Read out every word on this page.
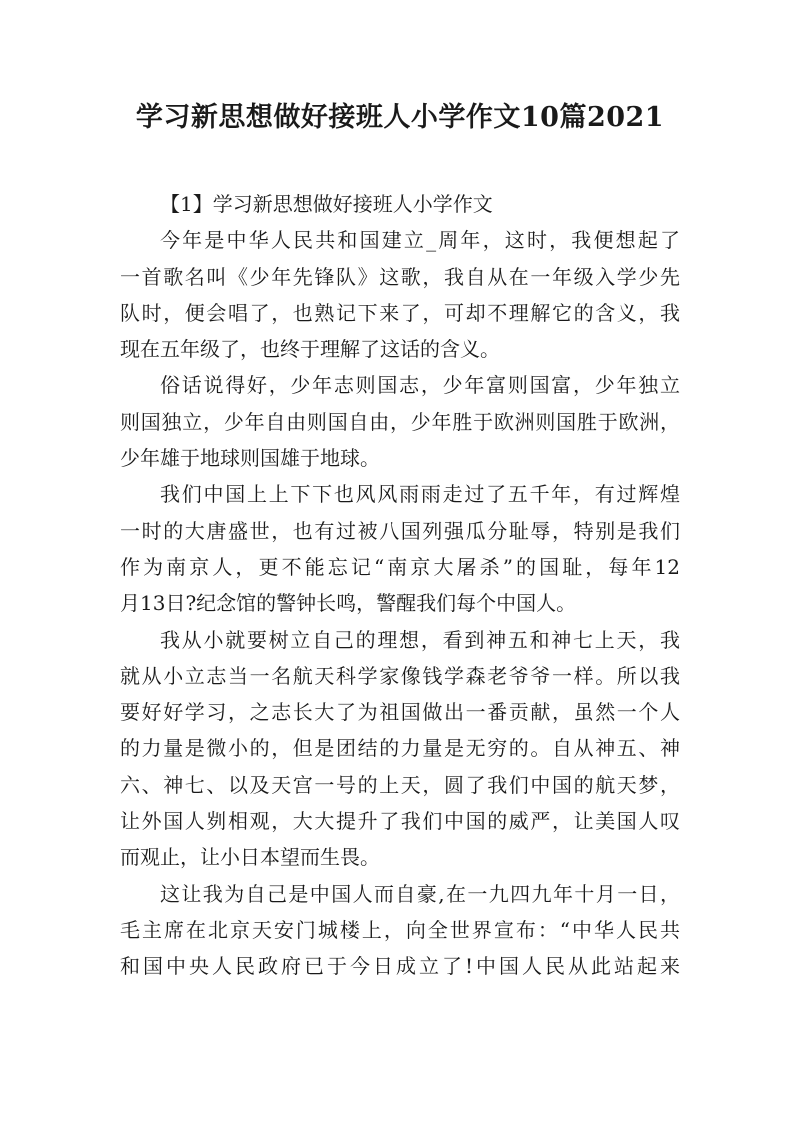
学习新思想做好接班人小学作文10篇2021
【1】学习新思想做好接班人小学作文
今年是中华人民共和国建立_周年，这时，我便想起了
一首歌名叫《少年先锋队》这歌，我自从在一年级入学少先
队时，便会唱了，也熟记下来了，可却不理解它的含义，我
现在五年级了，也终于理解了这话的含义。
俗话说得好，少年志则国志，少年富则国富，少年独立
则国独立，少年自由则国自由，少年胜于欧洲则国胜于欧洲，
少年雄于地球则国雄于地球。
我们中国上上下下也风风雨雨走过了五千年，有过辉煌
一时的大唐盛世，也有过被八国列强瓜分耻辱，特别是我们
作为南京人，更不能忘记“南京大屠杀”的国耻，每年12
月13日?纪念馆的警钟长鸣，警醒我们每个中国人。
我从小就要树立自己的理想，看到神五和神七上天，我
就从小立志当一名航天科学家像钱学森老爷爷一样。所以我
要好好学习，之志长大了为祖国做出一番贡献，虽然一个人
的力量是微小的，但是团结的力量是无穷的。自从神五、神
六、神七、以及天宫一号的上天，圆了我们中国的航天梦，
让外国人刿相观，大大提升了我们中国的威严，让美国人叹
而观止，让小日本望而生畏。
这让我为自己是中国人而自豪,在一九四九年十月一日，
毛主席在北京天安门城楼上，向全世界宣布：“中华人民共
和国中央人民政府已于今日成立了!中国人民从此站起来
